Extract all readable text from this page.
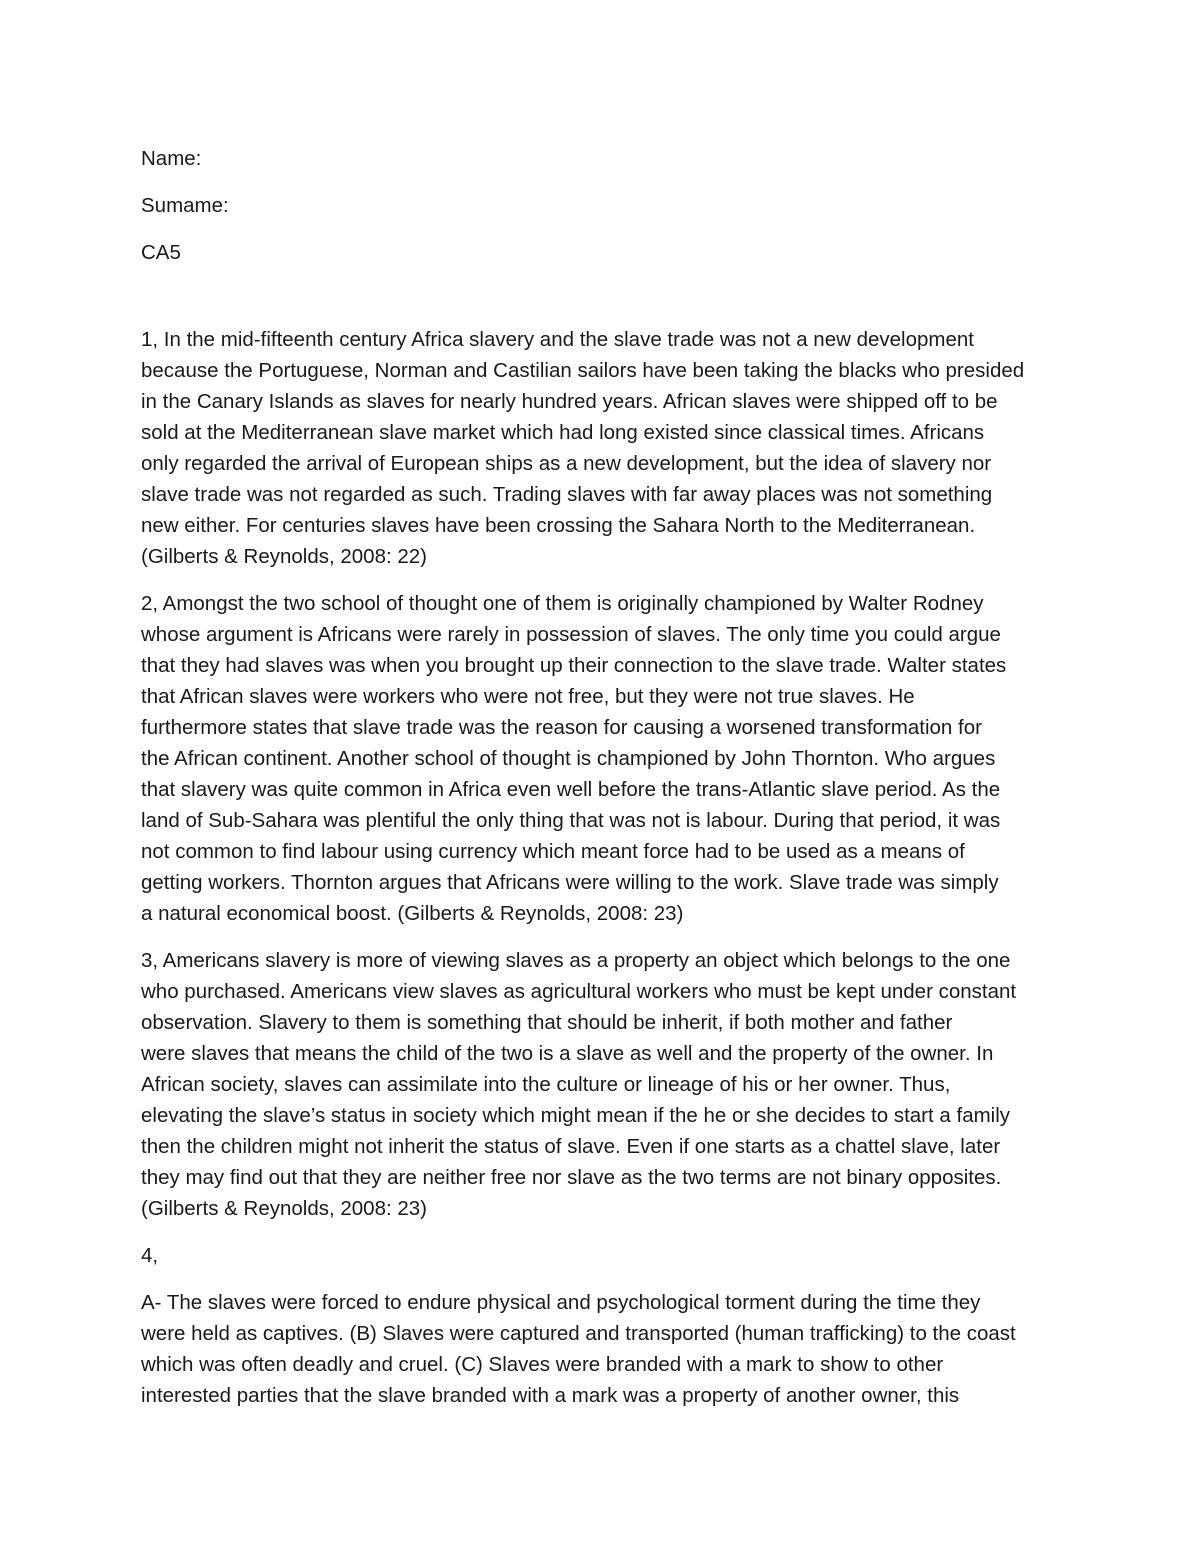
Name:

Sumame:

CA5

1, In the mid-fifteenth century Africa slavery and the slave trade was not a new development
because the Portuguese, Norman and Castilian sailors have been taking the blacks who presided
in the Canary Islands as slaves for nearly hundred years. African slaves were shipped off to be
sold at the Mediterranean slave market which had long existed since classical times. Africans
only regarded the arrival of European ships as a new development, but the idea of slavery nor
slave trade was not regarded as such. Trading slaves with far away places was not something
new either. For centuries slaves have been crossing the Sahara North to the Mediterranean.
(Gilberts & Reynolds, 2008: 22)
2, Amongst the two school of thought one of them is originally championed by Walter Rodney
whose argument is Africans were rarely in possession of slaves. The only time you could argue
that they had slaves was when you brought up their connection to the slave trade. Walter states
that African slaves were workers who were not free, but they were not true slaves. He
furthermore states that slave trade was the reason for causing a worsened transformation for
the African continent. Another school of thought is championed by John Thornton. Who argues
that slavery was quite common in Africa even well before the trans-Atlantic slave period. As the
land of Sub-Sahara was plentiful the only thing that was not is labour. During that period, it was
not common to find labour using currency which meant force had to be used as a means of
getting workers. Thornton argues that Africans were willing to the work. Slave trade was simply
a natural economical boost. (Gilberts & Reynolds, 2008: 23)
3, Americans slavery is more of viewing slaves as a property an object which belongs to the one
who purchased. Americans view slaves as agricultural workers who must be kept under constant
observation. Slavery to them is something that should be inherit, if both mother and father
were slaves that means the child of the two is a slave as well and the property of the owner. In
African society, slaves can assimilate into the culture or lineage of his or her owner. Thus,
elevating the slave’s status in society which might mean if the he or she decides to start a family
then the children might not inherit the status of slave. Even if one starts as a chattel slave, later
they may find out that they are neither free nor slave as the two terms are not binary opposites.
(Gilberts & Reynolds, 2008: 23)
4,
A- The slaves were forced to endure physical and psychological torment during the time they
were held as captives. (B) Slaves were captured and transported (human trafficking) to the coast
which was often deadly and cruel. (C) Slaves were branded with a mark to show to other
interested parties that the slave branded with a mark was a property of another owner, this
